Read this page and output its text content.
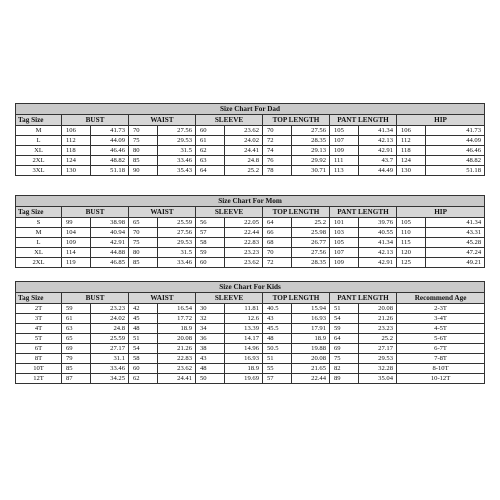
Size Chart For Dad												
Tag Size	BUST		WAIST		SLEEVE		TOP LENGTH		PANT LENGTH		HIP	
M	106	41.73	70	27.56	60	23.62	70	27.56	105	41.34	106	41.73
L	112	44.09	75	29.53	61	24.02	72	28.35	107	42.13	112	44.09
XL	118	46.46	80	31.5	62	24.41	74	29.13	109	42.91	118	46.46
2XL	124	48.82	85	33.46	63	24.8	76	29.92	111	43.7	124	48.82
3XL	130	51.18	90	35.43	64	25.2	78	30.71	113	44.49	130	51.18
Size Chart For Mom												
Tag Size	BUST		WAIST		SLEEVE		TOP LENGTH		PANT LENGTH		HIP	
S	99	38.98	65	25.59	56	22.05	64	25.2	101	39.76	105	41.34
M	104	40.94	70	27.56	57	22.44	66	25.98	103	40.55	110	43.31
L	109	42.91	75	29.53	58	22.83	68	26.77	105	41.34	115	45.28
XL	114	44.88	80	31.5	59	23.23	70	27.56	107	42.13	120	47.24
2XL	119	46.85	85	33.46	60	23.62	72	28.35	109	42.91	125	49.21
Size Chart For Kids											
Tag Size	BUST		WAIST		SLEEVE		TOP LENGTH		PANT LENGTH		Recommend Age
2T	59	23.23	42	16.54	30	11.81	40.5	15.94	51	20.08	2-3T
3T	61	24.02	45	17.72	32	12.6	43	16.93	54	21.26	3-4T
4T	63	24.8	48	18.9	34	13.39	45.5	17.91	59	23.23	4-5T
5T	65	25.59	51	20.08	36	14.17	48	18.9	64	25.2	5-6T
6T	69	27.17	54	21.26	38	14.96	50.5	19.88	69	27.17	6-7T
8T	79	31.1	58	22.83	43	16.93	51	20.08	75	29.53	7-8T
10T	85	33.46	60	23.62	48	18.9	55	21.65	82	32.28	8-10T
12T	87	34.25	62	24.41	50	19.69	57	22.44	89	35.04	10-12T
